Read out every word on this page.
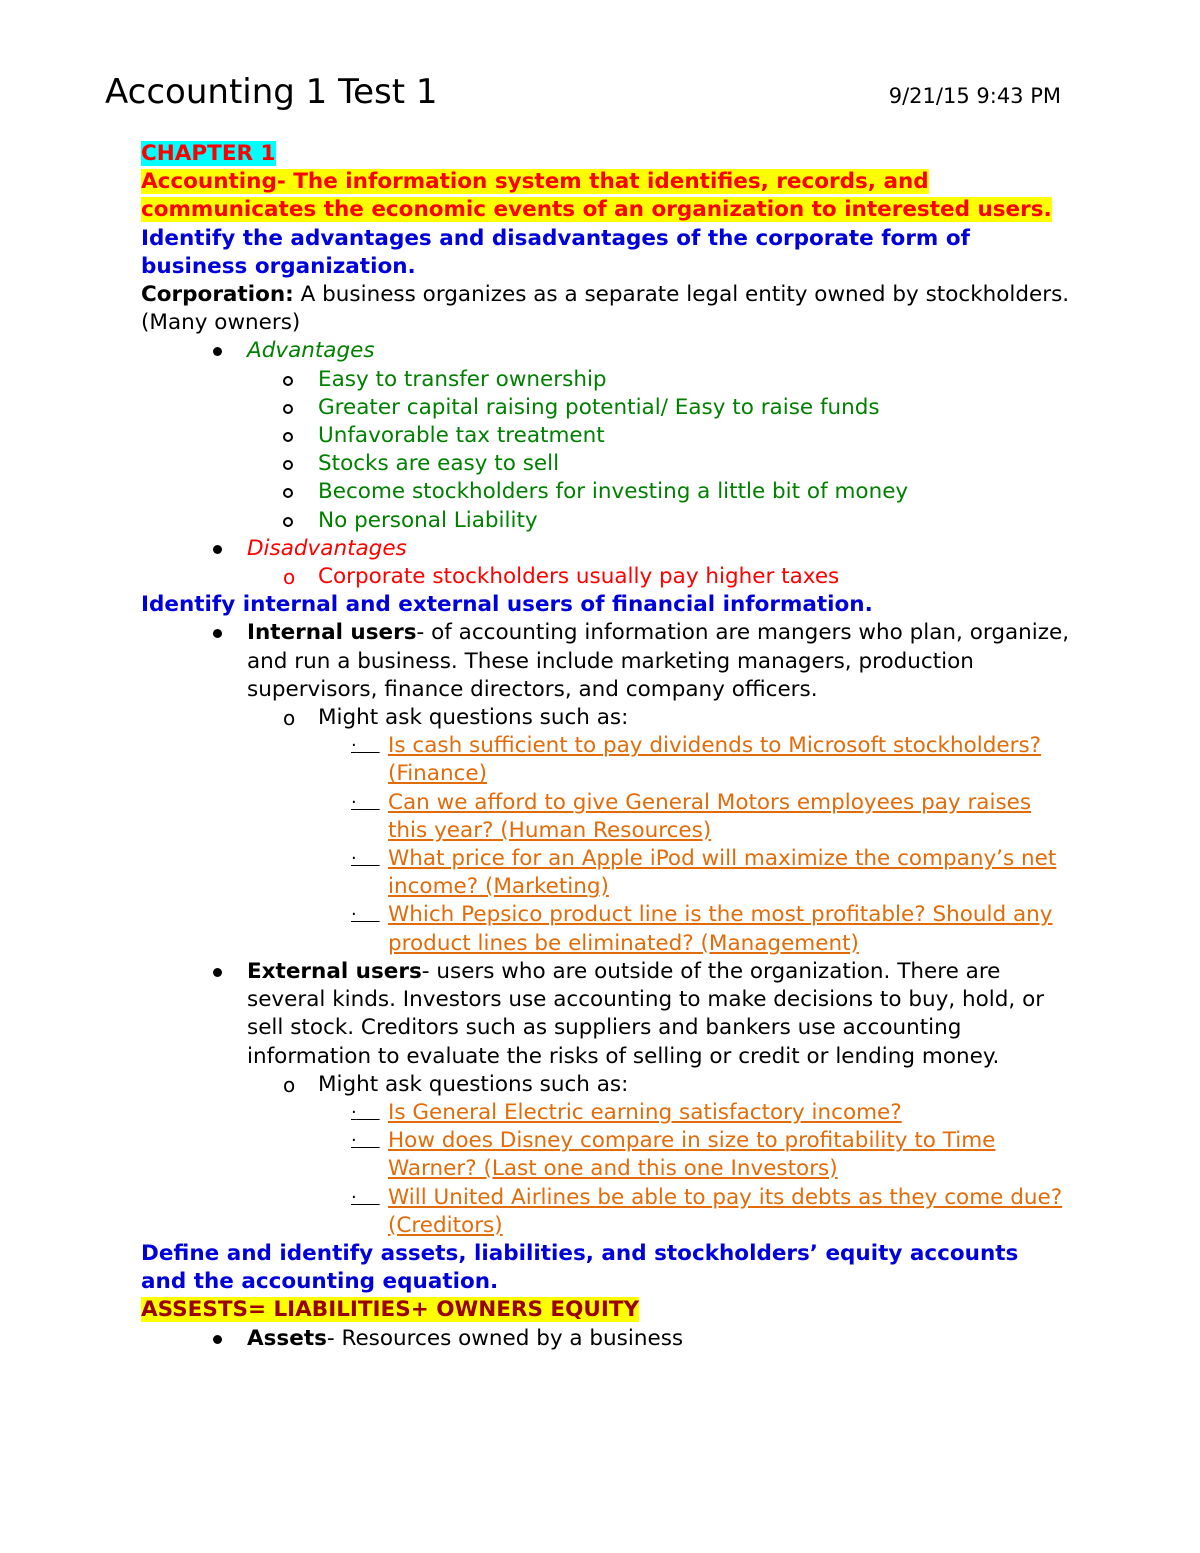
Accounting 1 Test 1	9/21/15 9:43 PM

CHAPTER 1

Accounting- The information system that identifies, records, and communicates the economic events of an organization to interested users.

Identify the advantages and disadvantages of the corporate form of business organization.

Corporation: A business organizes as a separate legal entity owned by stockholders. (Many owners)

Advantages
Easy to transfer ownership
Greater capital raising potential/ Easy to raise funds
Unfavorable tax treatment
Stocks are easy to sell
Become stockholders for investing a little bit of money
No personal Liability
Disadvantages
o Corporate stockholders usually pay higher taxes

Identify internal and external users of financial information.

Internal users- of accounting information are mangers who plan, organize, and run a business. These include marketing managers, production supervisors, finance directors, and company officers.
o Might ask questions such as:
·	Is cash sufficient to pay dividends to Microsoft stockholders? (Finance)
·	Can we afford to give General Motors employees pay raises this year? (Human Resources)
·	What price for an Apple iPod will maximize the company’s net income? (Marketing)
·	Which Pepsico product line is the most profitable? Should any product lines be eliminated? (Management)
External users- users who are outside of the organization. There are several kinds. Investors use accounting to make decisions to buy, hold, or sell stock. Creditors such as suppliers and bankers use accounting information to evaluate the risks of selling or credit or lending money.
o Might ask questions such as:
·	Is General Electric earning satisfactory income?
·	How does Disney compare in size to profitability to Time Warner? (Last one and this one Investors)
·	Will United Airlines be able to pay its debts as they come due? (Creditors)

Define and identify assets, liabilities, and stockholders’ equity accounts and the accounting equation.

ASSESTS= LIABILITIES+ OWNERS EQUITY

Assets- Resources owned by a business
